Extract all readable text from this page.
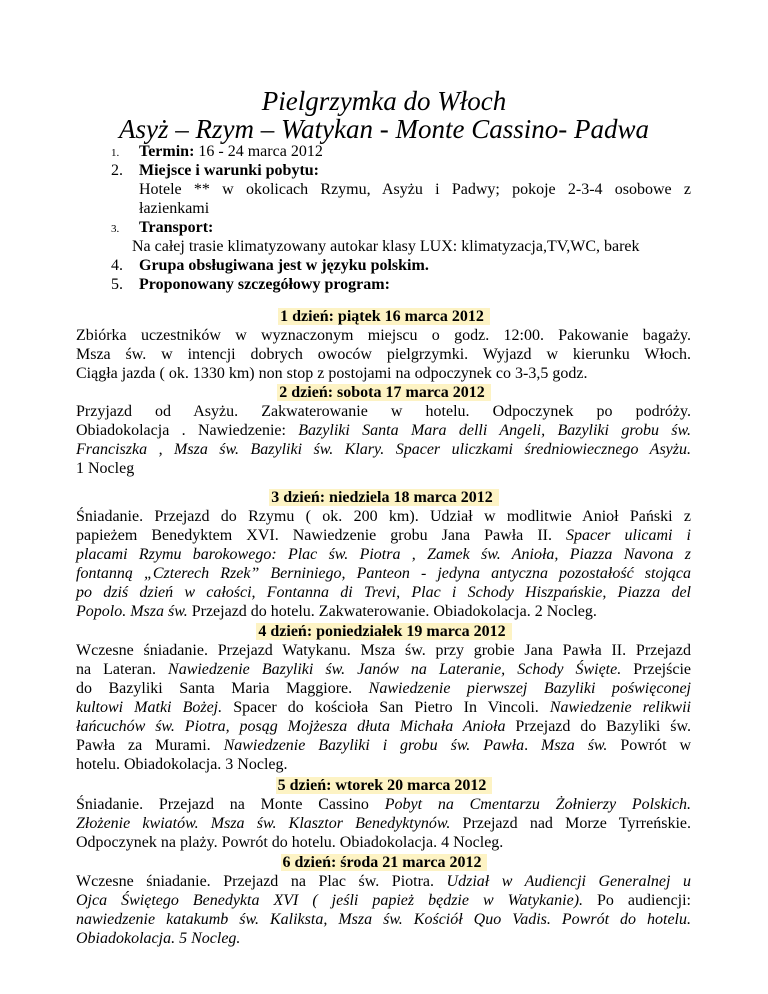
Pielgrzymka do Włoch
Asyż – Rzym – Watykan - Monte Cassino- Padwa
1. Termin: 16 - 24 marca 2012
2. Miejsce i warunki pobytu:
Hotele ** w okolicach Rzymu, Asyżu i Padwy; pokoje 2-3-4 osobowe z
łazienkami
3. Transport:
Na całej trasie klimatyzowany autokar klasy LUX: klimatyzacja,TV,WC, barek
4. Grupa obsługiwana jest w języku polskim.
5. Proponowany szczegółowy program:
1 dzień: piątek 16 marca 2012
Zbiórka uczestników w wyznaczonym miejscu o godz. 12:00. Pakowanie bagaży.
Msza św. w intencji dobrych owoców pielgrzymki. Wyjazd w kierunku Włoch.
Ciągła jazda ( ok. 1330 km) non stop z postojami na odpoczynek co 3-3,5 godz.
2 dzień: sobota 17 marca 2012
Przyjazd od Asyżu. Zakwaterowanie w hotelu. Odpoczynek po podróży.
Obiadokolacja . Nawiedzenie: Bazyliki Santa Mara delli Angeli, Bazyliki grobu św.
Franciszka , Msza św. Bazyliki św. Klary. Spacer uliczkami średniowiecznego Asyżu.
1 Nocleg
3 dzień: niedziela 18 marca 2012
Śniadanie. Przejazd do Rzymu ( ok. 200 km). Udział w modlitwie Anioł Pański z
papieżem Benedyktem XVI. Nawiedzenie grobu Jana Pawła II. Spacer ulicami i
placami Rzymu barokowego: Plac św. Piotra , Zamek św. Anioła, Piazza Navona z
fontanną „Czterech Rzek” Berniniego, Panteon - jedyna antyczna pozostałość stojąca
po dziś dzień w całości, Fontanna di Trevi, Plac i Schody Hiszpańskie, Piazza del
Popolo. Msza św. Przejazd do hotelu. Zakwaterowanie. Obiadokolacja. 2 Nocleg.
4 dzień: poniedziałek 19 marca 2012
Wczesne śniadanie. Przejazd Watykanu. Msza św. przy grobie Jana Pawła II. Przejazd
na Lateran. Nawiedzenie Bazyliki św. Janów na Lateranie, Schody Święte. Przejście
do Bazyliki Santa Maria Maggiore. Nawiedzenie pierwszej Bazyliki poświęconej
kultowi Matki Bożej. Spacer do kościoła San Pietro In Vincoli. Nawiedzenie relikwii
łańcuchów św. Piotra, posąg Mojżesza dłuta Michała Anioła Przejazd do Bazyliki św.
Pawła za Murami. Nawiedzenie Bazyliki i grobu św. Pawła. Msza św. Powrót w
hotelu. Obiadokolacja. 3 Nocleg.
5 dzień: wtorek 20 marca 2012
Śniadanie. Przejazd na Monte Cassino Pobyt na Cmentarzu Żołnierzy Polskich.
Złożenie kwiatów. Msza św. Klasztor Benedyktynów. Przejazd nad Morze Tyrreńskie.
Odpoczynek na plaży. Powrót do hotelu. Obiadokolacja. 4 Nocleg.
6 dzień: środa 21 marca 2012
Wczesne śniadanie. Przejazd na Plac św. Piotra. Udział w Audiencji Generalnej u
Ojca Świętego Benedykta XVI ( jeśli papież będzie w Watykanie). Po audiencji:
nawiedzenie katakumb św. Kaliksta, Msza św. Kościół Quo Vadis. Powrót do hotelu.
Obiadokolacja. 5 Nocleg.
